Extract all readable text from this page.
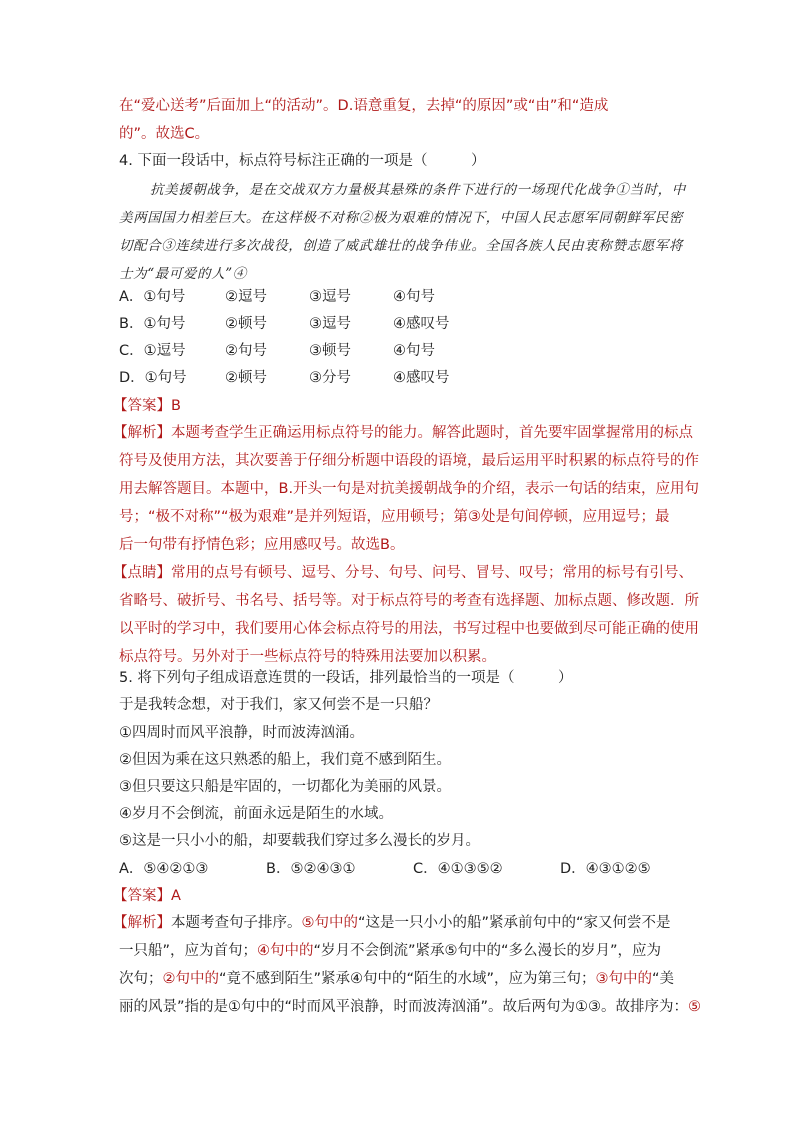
在“爱心送考”后面加上“的活动”。D.语意重复，去掉“的原因”或“由”和“造成
的”。故选C。
4. 下面一段话中，标点符号标注正确的一项是（　　　）
抗美援朝战争，是在交战双方力量极其悬殊的条件下进行的一场现代化战争①当时，中
美两国国力相差巨大。在这样极不对称②极为艰难的情况下，中国人民志愿军同朝鲜军民密
切配合③连续进行多次战役，创造了威武雄壮的战争伟业。全国各族人民由衷称赞志愿军将
士为“最可爱的人”④
A．①句号	②逗号	③逗号	④句号
B．①句号	②顿号	③逗号	④感叹号
C．①逗号	②句号	③顿号	④句号
D．①句号	②顿号	③分号	④感叹号
【答案】B
【解析】本题考查学生正确运用标点符号的能力。解答此题时，首先要牢固掌握常用的标点
符号及使用方法，其次要善于仔细分析题中语段的语境，最后运用平时积累的标点符号的作
用去解答题目。本题中，B.开头一句是对抗美援朝战争的介绍，表示一句话的结束，应用句
号；“极不对称”“极为艰难”是并列短语，应用顿号；第③处是句间停顿，应用逗号；最
后一句带有抒情色彩；应用感叹号。故选B。
【点睛】常用的点号有顿号、逗号、分号、句号、问号、冒号、叹号；常用的标号有引号、
省略号、破折号、书名号、括号等。对于标点符号的考查有选择题、加标点题、修改题．所
以平时的学习中，我们要用心体会标点符号的用法，书写过程中也要做到尽可能正确的使用
标点符号。另外对于一些标点符号的特殊用法要加以积累。
5. 将下列句子组成语意连贯的一段话，排列最恰当的一项是（　　　）
于是我转念想，对于我们，家又何尝不是一只船？
①四周时而风平浪静，时而波涛汹涌。
②但因为乘在这只熟悉的船上，我们竟不感到陌生。
③但只要这只船是牢固的，一切都化为美丽的风景。
④岁月不会倒流，前面永远是陌生的水域。
⑤这是一只小小的船，却要载我们穿过多么漫长的岁月。
A．⑤④②①③	B．⑤②④③①	C．④①③⑤②	D．④③①②⑤
【答案】A
【解析】本题考查句子排序。⑤句中的“这是一只小小的船”紧承前句中的“家又何尝不是
一只船”，应为首句；④句中的“岁月不会倒流”紧承⑤句中的“多么漫长的岁月”，应为
次句；②句中的“竟不感到陌生”紧承④句中的“陌生的水域”，应为第三句；③句中的“美
丽的风景”指的是①句中的“时而风平浪静，时而波涛汹涌”。故后两句为①③。故排序为：⑤
